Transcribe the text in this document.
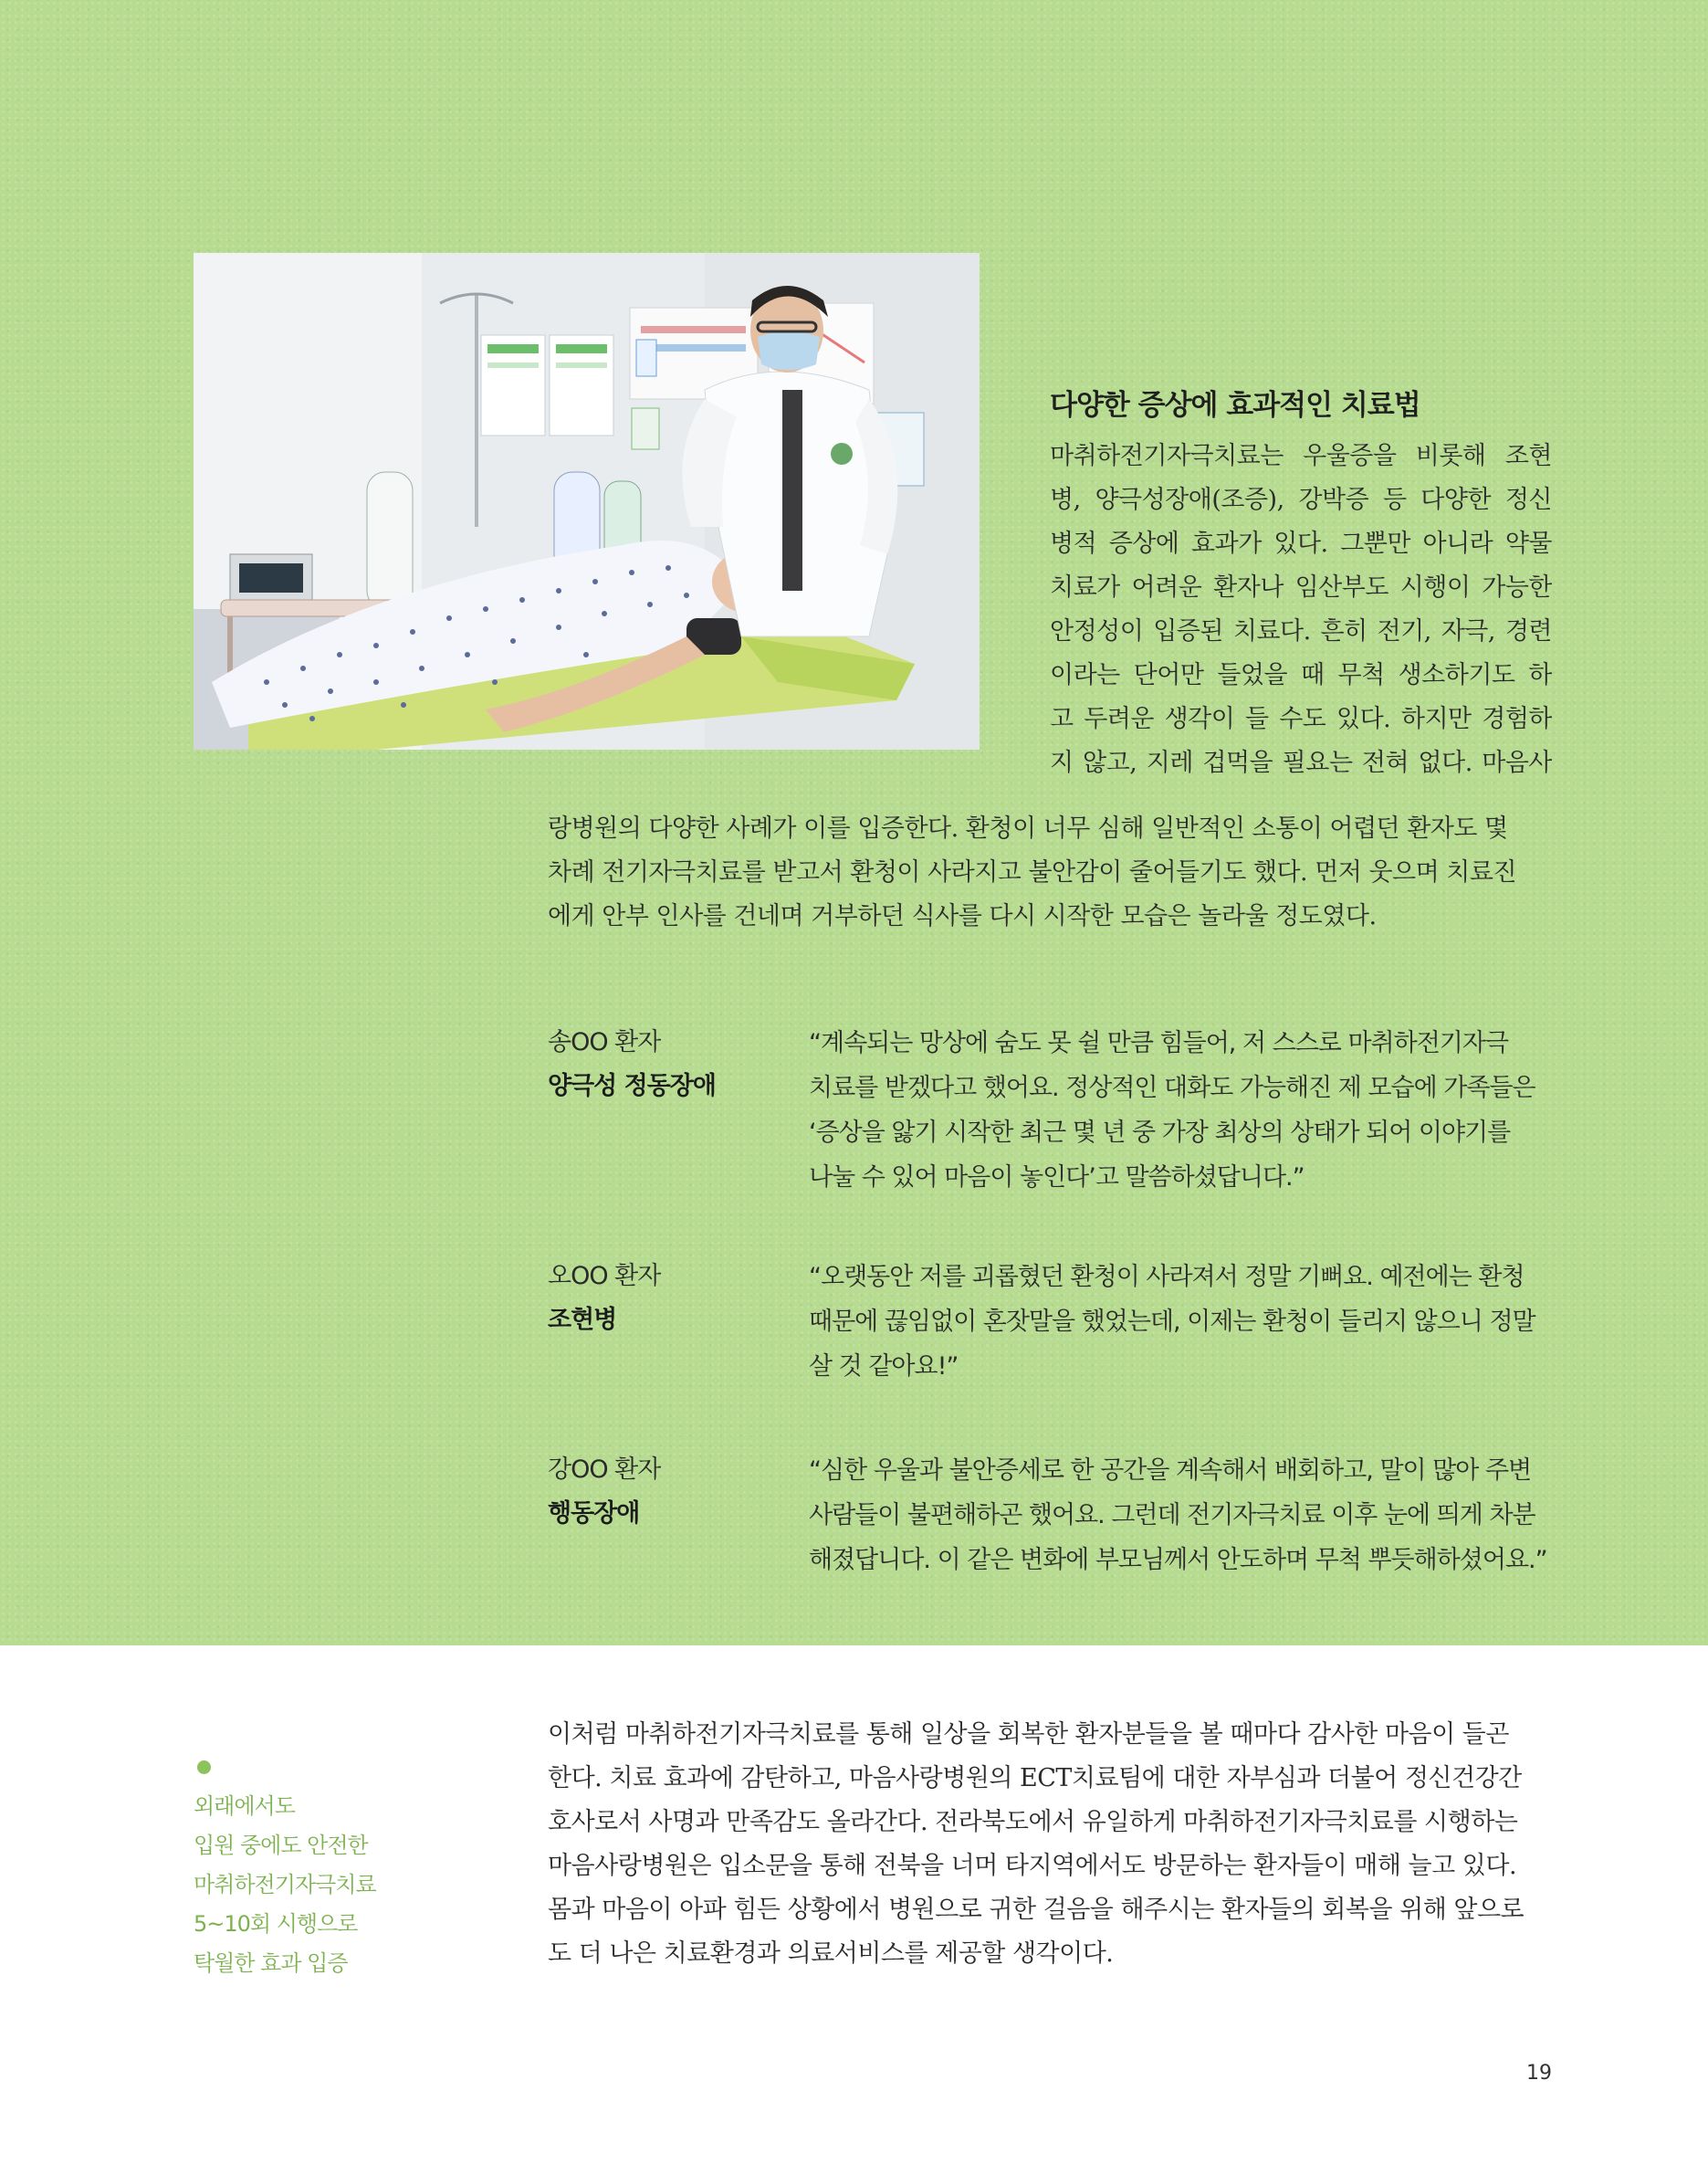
다양한 증상에 효과적인 치료법
마취하전기자극치료는 우울증을 비롯해 조현
병, 양극성장애(조증), 강박증 등 다양한 정신
병적 증상에 효과가 있다. 그뿐만 아니라 약물
치료가 어려운 환자나 임산부도 시행이 가능한
안정성이 입증된 치료다. 흔히 전기, 자극, 경련
이라는 단어만 들었을 때 무척 생소하기도 하
고 두려운 생각이 들 수도 있다. 하지만 경험하
지 않고, 지레 겁먹을 필요는 전혀 없다. 마음사
랑병원의 다양한 사례가 이를 입증한다. 환청이 너무 심해 일반적인 소통이 어렵던 환자도 몇
차례 전기자극치료를 받고서 환청이 사라지고 불안감이 줄어들기도 했다. 먼저 웃으며 치료진
에게 안부 인사를 건네며 거부하던 식사를 다시 시작한 모습은 놀라울 정도였다.
송OO 환자
양극성 정동장애
“계속되는 망상에 숨도 못 쉴 만큼 힘들어, 저 스스로 마취하전기자극
치료를 받겠다고 했어요. 정상적인 대화도 가능해진 제 모습에 가족들은
‘증상을 앓기 시작한 최근 몇 년 중 가장 최상의 상태가 되어 이야기를
나눌 수 있어 마음이 놓인다’고 말씀하셨답니다.”
오OO 환자
조현병
“오랫동안 저를 괴롭혔던 환청이 사라져서 정말 기뻐요. 예전에는 환청
때문에 끊임없이 혼잣말을 했었는데, 이제는 환청이 들리지 않으니 정말
살 것 같아요!”
강OO 환자
행동장애
“심한 우울과 불안증세로 한 공간을 계속해서 배회하고, 말이 많아 주변
사람들이 불편해하곤 했어요. 그런데 전기자극치료 이후 눈에 띄게 차분
해졌답니다. 이 같은 변화에 부모님께서 안도하며 무척 뿌듯해하셨어요.”
외래에서도
입원 중에도 안전한
마취하전기자극치료
5~10회 시행으로
탁월한 효과 입증
이처럼 마취하전기자극치료를 통해 일상을 회복한 환자분들을 볼 때마다 감사한 마음이 들곤
한다. 치료 효과에 감탄하고, 마음사랑병원의 ECT치료팀에 대한 자부심과 더불어 정신건강간
호사로서 사명과 만족감도 올라간다. 전라북도에서 유일하게 마취하전기자극치료를 시행하는
마음사랑병원은 입소문을 통해 전북을 너머 타지역에서도 방문하는 환자들이 매해 늘고 있다.
몸과 마음이 아파 힘든 상황에서 병원으로 귀한 걸음을 해주시는 환자들의 회복을 위해 앞으로
도 더 나은 치료환경과 의료서비스를 제공할 생각이다.
19
